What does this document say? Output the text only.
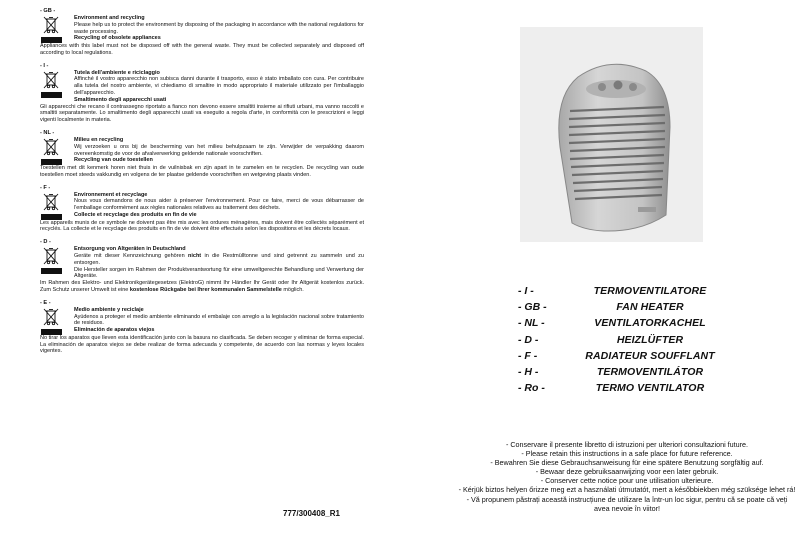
- GB -
Environment and recycling
Please help us to protect the environment by disposing of the packaging in accordance with the national regulations for waste processing.
Recycling of obsolete appliances
Appliances with this label must not be disposed off with the general waste. They must be collected separately and disposed off according to local regulations.
- I -
Tutela dell'ambiente e riciclaggio
Affinché il vostro apparecchio non subisca danni durante il trasporto, esso è stato imballato con cura. Per contribuire alla tutela del nostro ambiente, vi chiediamo di smaltire in modo appropriato il materiale utilizzato per l'imballaggio dell'apparecchio.
Smaltimento degli apparecchi usati
Gli apparecchi che recano il contrassegno riportato a fianco non devono essere smaltiti insieme ai rifiuti urbani, ma vanno raccolti e smaltiti separatamente. Lo smaltimento degli apparecchi usati va eseguito a regola d'arte, in conformità con le prescrizioni e leggi vigenti localmente in materia.
- NL -
Milieu en recycling
Wij verzoeken u ons bij de bescherming van het milieu behulpzaam te zijn. Verwijder de verpakking daarom overeenkomstig de voor de afvalverwerking geldende nationale voorschriften.
Recycling van oude toestellen
Toestellen met dit kenmerk horen niet thuis in de vuilnisbak en zijn apart in te zamelen en te recyclen. De recycling van oude toestellen moet steeds vakkundig en volgens de ter plaatse geldende voorschriften en wetgeving plaats vinden.
- F -
Environnement et recyclage
Nous vous demandons de nous aider à préserver l'environnement. Pour ce faire, merci de vous débarrasser de l'emballage conformément aux règles nationales relatives au traitement des déchets.
Collecte et recyclage des produits en fin de vie
Les appareils munis de ce symbole ne doivent pas être mis avec les ordures ménagères, mais doivent être collectés séparément et recyclés. La collecte et le recyclage des produits en fin de vie doivent être effectués selon les dispositions et les décrets locaux.
- D -
Entsorgung von Altgeräten in Deutschland
Geräte mit dieser Kennzeichnung gehören nicht in die Restmülltonne und sind getrennt zu sammeln und zu entsorgen.
Die Hersteller sorgen im Rahmen der Produktverantwortung für eine umweltgerechte Behandlung und Verwertung der Altgeräte.
Im Rahmen des Elektro- und Elektronikgerätegesetzes (ElektroG) nimmt Ihr Händler Ihr Gerät oder Ihr Altgerät kostenlos zurück. Zum Schutz unserer Umwelt ist eine kostenlose Rückgabe bei Ihrer kommunalen Sammelstelle möglich.
- E -
Medio ambiente y reciclaje
Ayúdenos a proteger el medio ambiente eliminando el embalaje con arreglo a la legislación nacional sobre tratamiento de residuos.
Eliminación de aparatos viejos
No tirar los aparatos que lleven esta identificación junto con la basura no clasificada. Se deben recoger y eliminar de forma especial. La eliminación de aparatos viejos se debe realizar de forma adecuada y competente, de acuerdo con las normas y leyes locales vigentes.
777/300408_R1
- I -	TERMOVENTILATORE
- GB -	FAN HEATER
- NL -	VENTILATORKACHEL
- D -	HEIZLÜFTER
- F -	RADIATEUR SOUFFLANT
- H -	TERMOVENTILÁTOR
- Ro -	TERMO VENTILATOR
- Conservare il presente libretto di istruzioni per ulteriori consultazioni future.
- Please retain this instructions in a safe place for future reference.
- Bewahren Sie diese Gebrauchsanweisung für eine spätere Benutzung sorgfältig auf.
- Bewaar deze gebruiksaanwijzing voor een later gebruik.
- Conserver cette notice pour une utilisation ulterieure.
- Kérjük biztos helyen őrizze meg ezt a használati útmutatót, mert a későbbiekben még szüksége lehet rá!
- Vă propunem păstrați această instrucțiune de utilizare la într-un loc sigur, pentru că se poate că veți avea nevoie în viitor!
